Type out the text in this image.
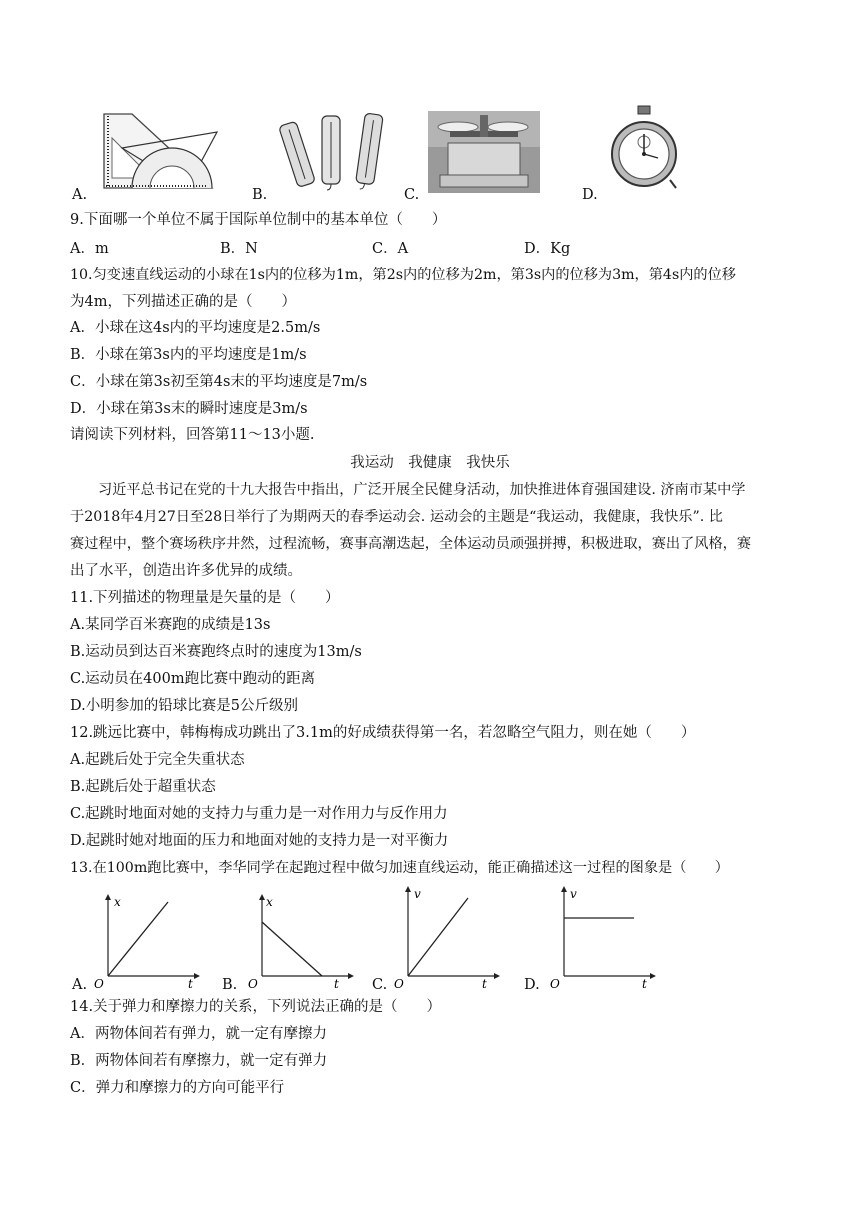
A.	B.	C.	D.
9.下面哪一个单位不属于国际单位制中的基本单位（　　）
A．m	B．N	C．A	D．Kg
10.匀变速直线运动的小球在1s内的位移为1m，第2s内的位移为2m，第3s内的位移为3m，第4s内的位移
为4m，下列描述正确的是（　　）
A．小球在这4s内的平均速度是2.5m/s
B．小球在第3s内的平均速度是1m/s
C．小球在第3s初至第4s末的平均速度是7m/s
D．小球在第3s末的瞬时速度是3m/s
请阅读下列材料，回答第11～13小题.
我运动　我健康　我快乐
习近平总书记在党的十九大报告中指出，广泛开展全民健身活动，加快推进体育强国建设. 济南市某中学
于2018年4月27日至28日举行了为期两天的春季运动会. 运动会的主题是“我运动，我健康，我快乐”. 比
赛过程中，整个赛场秩序井然，过程流畅，赛事高潮迭起，全体运动员顽强拼搏，积极进取，赛出了风格，赛
出了水平，创造出许多优异的成绩。
11.下列描述的物理量是矢量的是（　　）
A.某同学百米赛跑的成绩是13s
B.运动员到达百米赛跑终点时的速度为13m/s
C.运动员在400m跑比赛中跑动的距离
D.小明参加的铅球比赛是5公斤级别
12.跳远比赛中，韩梅梅成功跳出了3.1m的好成绩获得第一名，若忽略空气阻力，则在她（　　）
A.起跳后处于完全失重状态
B.起跳后处于超重状态
C.起跳时地面对她的支持力与重力是一对作用力与反作用力
D.起跳时她对地面的压力和地面对她的支持力是一对平衡力
13.在100m跑比赛中，李华同学在起跑过程中做匀加速直线运动，能正确描述这一过程的图象是（　　）
x
t
O
A.
x
t
O
B.
v
t
O
C.
v
t
O
D.
14.关于弹力和摩擦力的关系，下列说法正确的是（　　）
A．两物体间若有弹力，就一定有摩擦力
B．两物体间若有摩擦力，就一定有弹力
C．弹力和摩擦力的方向可能平行
